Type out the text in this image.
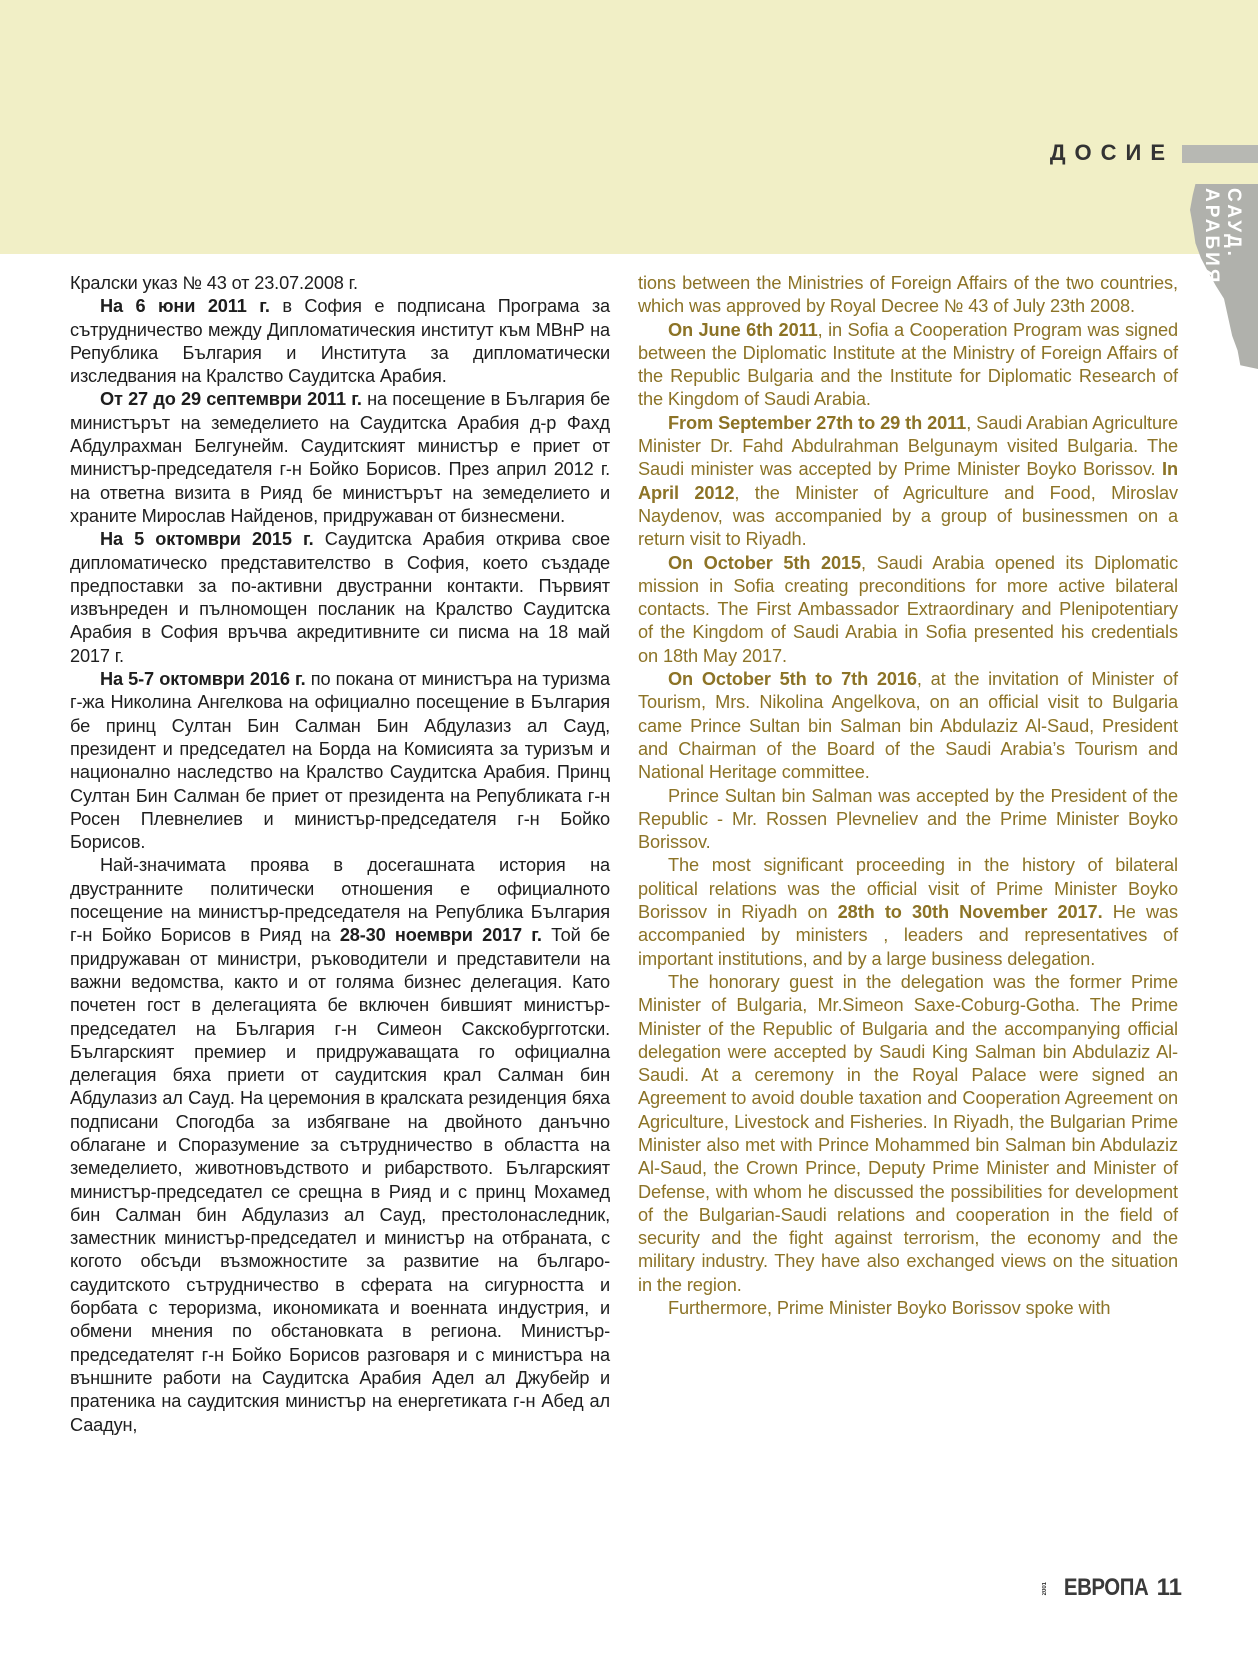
ДОСИЕ
САУД. АРАБИЯ

Кралски указ № 43 от 23.07.2008 г.

На 6 юни 2011 г. в София е подписана Програма за сътрудничество между Дипломатическия институт към МВнР на Република България и Института за дипломатически изследвания на Кралство Саудитска Арабия.

От 27 до 29 септември 2011 г. на посещение в България бе министърът на земеделието на Саудитска Арабия д-р Фахд Абдулрахман Белгунейм. Саудитският министър е приет от министър-председателя г-н Бойко Борисов. През април 2012 г. на ответна визита в Рияд бе министърът на земеделието и храните Мирослав Найденов, придружаван от бизнесмени.

На 5 октомври 2015 г. Саудитска Арабия открива свое дипломатическо представителство в София, което създаде предпоставки за по-активни двустранни контакти. Първият извънреден и пълномощен посланик на Кралство Саудитска Арабия в София връчва акредитивните си писма на 18 май 2017 г.

На 5-7 октомври 2016 г. по покана от министъра на туризма г-жа Николина Ангелкова на официално посещение в България бе принц Султан Бин Салман Бин Абдулазиз ал Сауд, президент и председател на Борда на Комисията за туризъм и национално наследство на Кралство Саудитска Арабия. Принц Султан Бин Салман бе приет от президента на Републиката г-н Росен Плевнелиев и министър-председателя г-н Бойко Борисов.

Най-значимата проява в досегашната история на двустранните политически отношения е официалното посещение на министър-председателя на Република България г-н Бойко Борисов в Рияд на 28-30 ноември 2017 г. Той бе придружаван от министри, ръководители и представители на важни ведомства, както и от голяма бизнес делегация. Като почетен гост в делегацията бе включен бившият министър-председател на България г-н Симеон Сакскобургготски. Българският премиер и придружаващата го официална делегация бяха приети от саудитския крал Салман бин Абдулазиз ал Сауд. На церемония в кралската резиденция бяха подписани Спогодба за избягване на двойното данъчно облагане и Споразумение за сътрудничество в областта на земеделието, животновъдството и рибарството. Българският министър-председател се срещна в Рияд и с принц Мохамед бин Салман бин Абдулазиз ал Сауд, престолонаследник, заместник министър-председател и министър на отбраната, с когото обсъди възможностите за развитие на българо-саудитското сътрудничество в сферата на сигурността и борбата с тероризма, икономиката и военната индустрия, и обмени мнения по обстановката в региона. Министър-председателят г-н Бойко Борисов разговаря и с министъра на външните работи на Саудитска Арабия Адел ал Джубейр и пратеника на саудитския министър на енергетиката г-н Абед ал Саадун,

tions between the Ministries of Foreign Affairs of the two countries, which was approved by Royal Decree № 43 of July 23th 2008.

On June 6th 2011, in Sofia a Cooperation Program was signed between the Diplomatic Institute at the Ministry of Foreign Affairs of the Republic Bulgaria and the Institute for Diplomatic Research of the Kingdom of Saudi Arabia.

From September 27th to 29 th 2011, Saudi Arabian Agriculture Minister Dr. Fahd Abdulrahman Belgunaym visited Bulgaria. The Saudi minister was accepted by Prime Minister Boyko Borissov. In April 2012, the Minister of Agriculture and Food, Miroslav Naydenov, was accompanied by a group of businessmen on a return visit to Riyadh.

On October 5th 2015, Saudi Arabia opened its Diplomatic mission in Sofia creating preconditions for more active bilateral contacts. The First Ambassador Extraordinary and Plenipotentiary of the Kingdom of Saudi Arabia in Sofia presented his credentials on 18th May 2017.

On October 5th to 7th 2016, at the invitation of Minister of Tourism, Mrs. Nikolina Angelkova, on an official visit to Bulgaria came Prince Sultan bin Salman bin Abdulaziz Al-Saud, President and Chairman of the Board of the Saudi Arabia’s Tourism and National Heritage committee.

Prince Sultan bin Salman was accepted by the President of the Republic - Mr. Rossen Plevneliev and the Prime Minister Boyko Borissov.

The most significant proceeding in the history of bilateral political relations was the official visit of Prime Minister Boyko Borissov in Riyadh on 28th to 30th November 2017. He was accompanied by ministers , leaders and representatives of important institutions, and by a large business delegation.

The honorary guest in the delegation was the former Prime Minister of Bulgaria, Mr.Simeon Saxe-Coburg-Gotha. The Prime Minister of the Republic of Bulgaria and the accompanying official delegation were accepted by Saudi King Salman bin Abdulaziz Al-Saudi. At a ceremony in the Royal Palace were signed an Agreement to avoid double taxation and Cooperation Agreement on Agriculture, Livestock and Fisheries. In Riyadh, the Bulgarian Prime Minister also met with Prince Mohammed bin Salman bin Abdulaziz Al-Saud, the Crown Prince, Deputy Prime Minister and Minister of Defense, with whom he discussed the possibilities for development of the Bulgarian-Saudi relations and cooperation in the field of security and the fight against terrorism, the economy and the military industry. They have also exchanged views on the situation in the region.

Furthermore, Prime Minister Boyko Borissov spoke with

2001 ЕВРОПА 11
